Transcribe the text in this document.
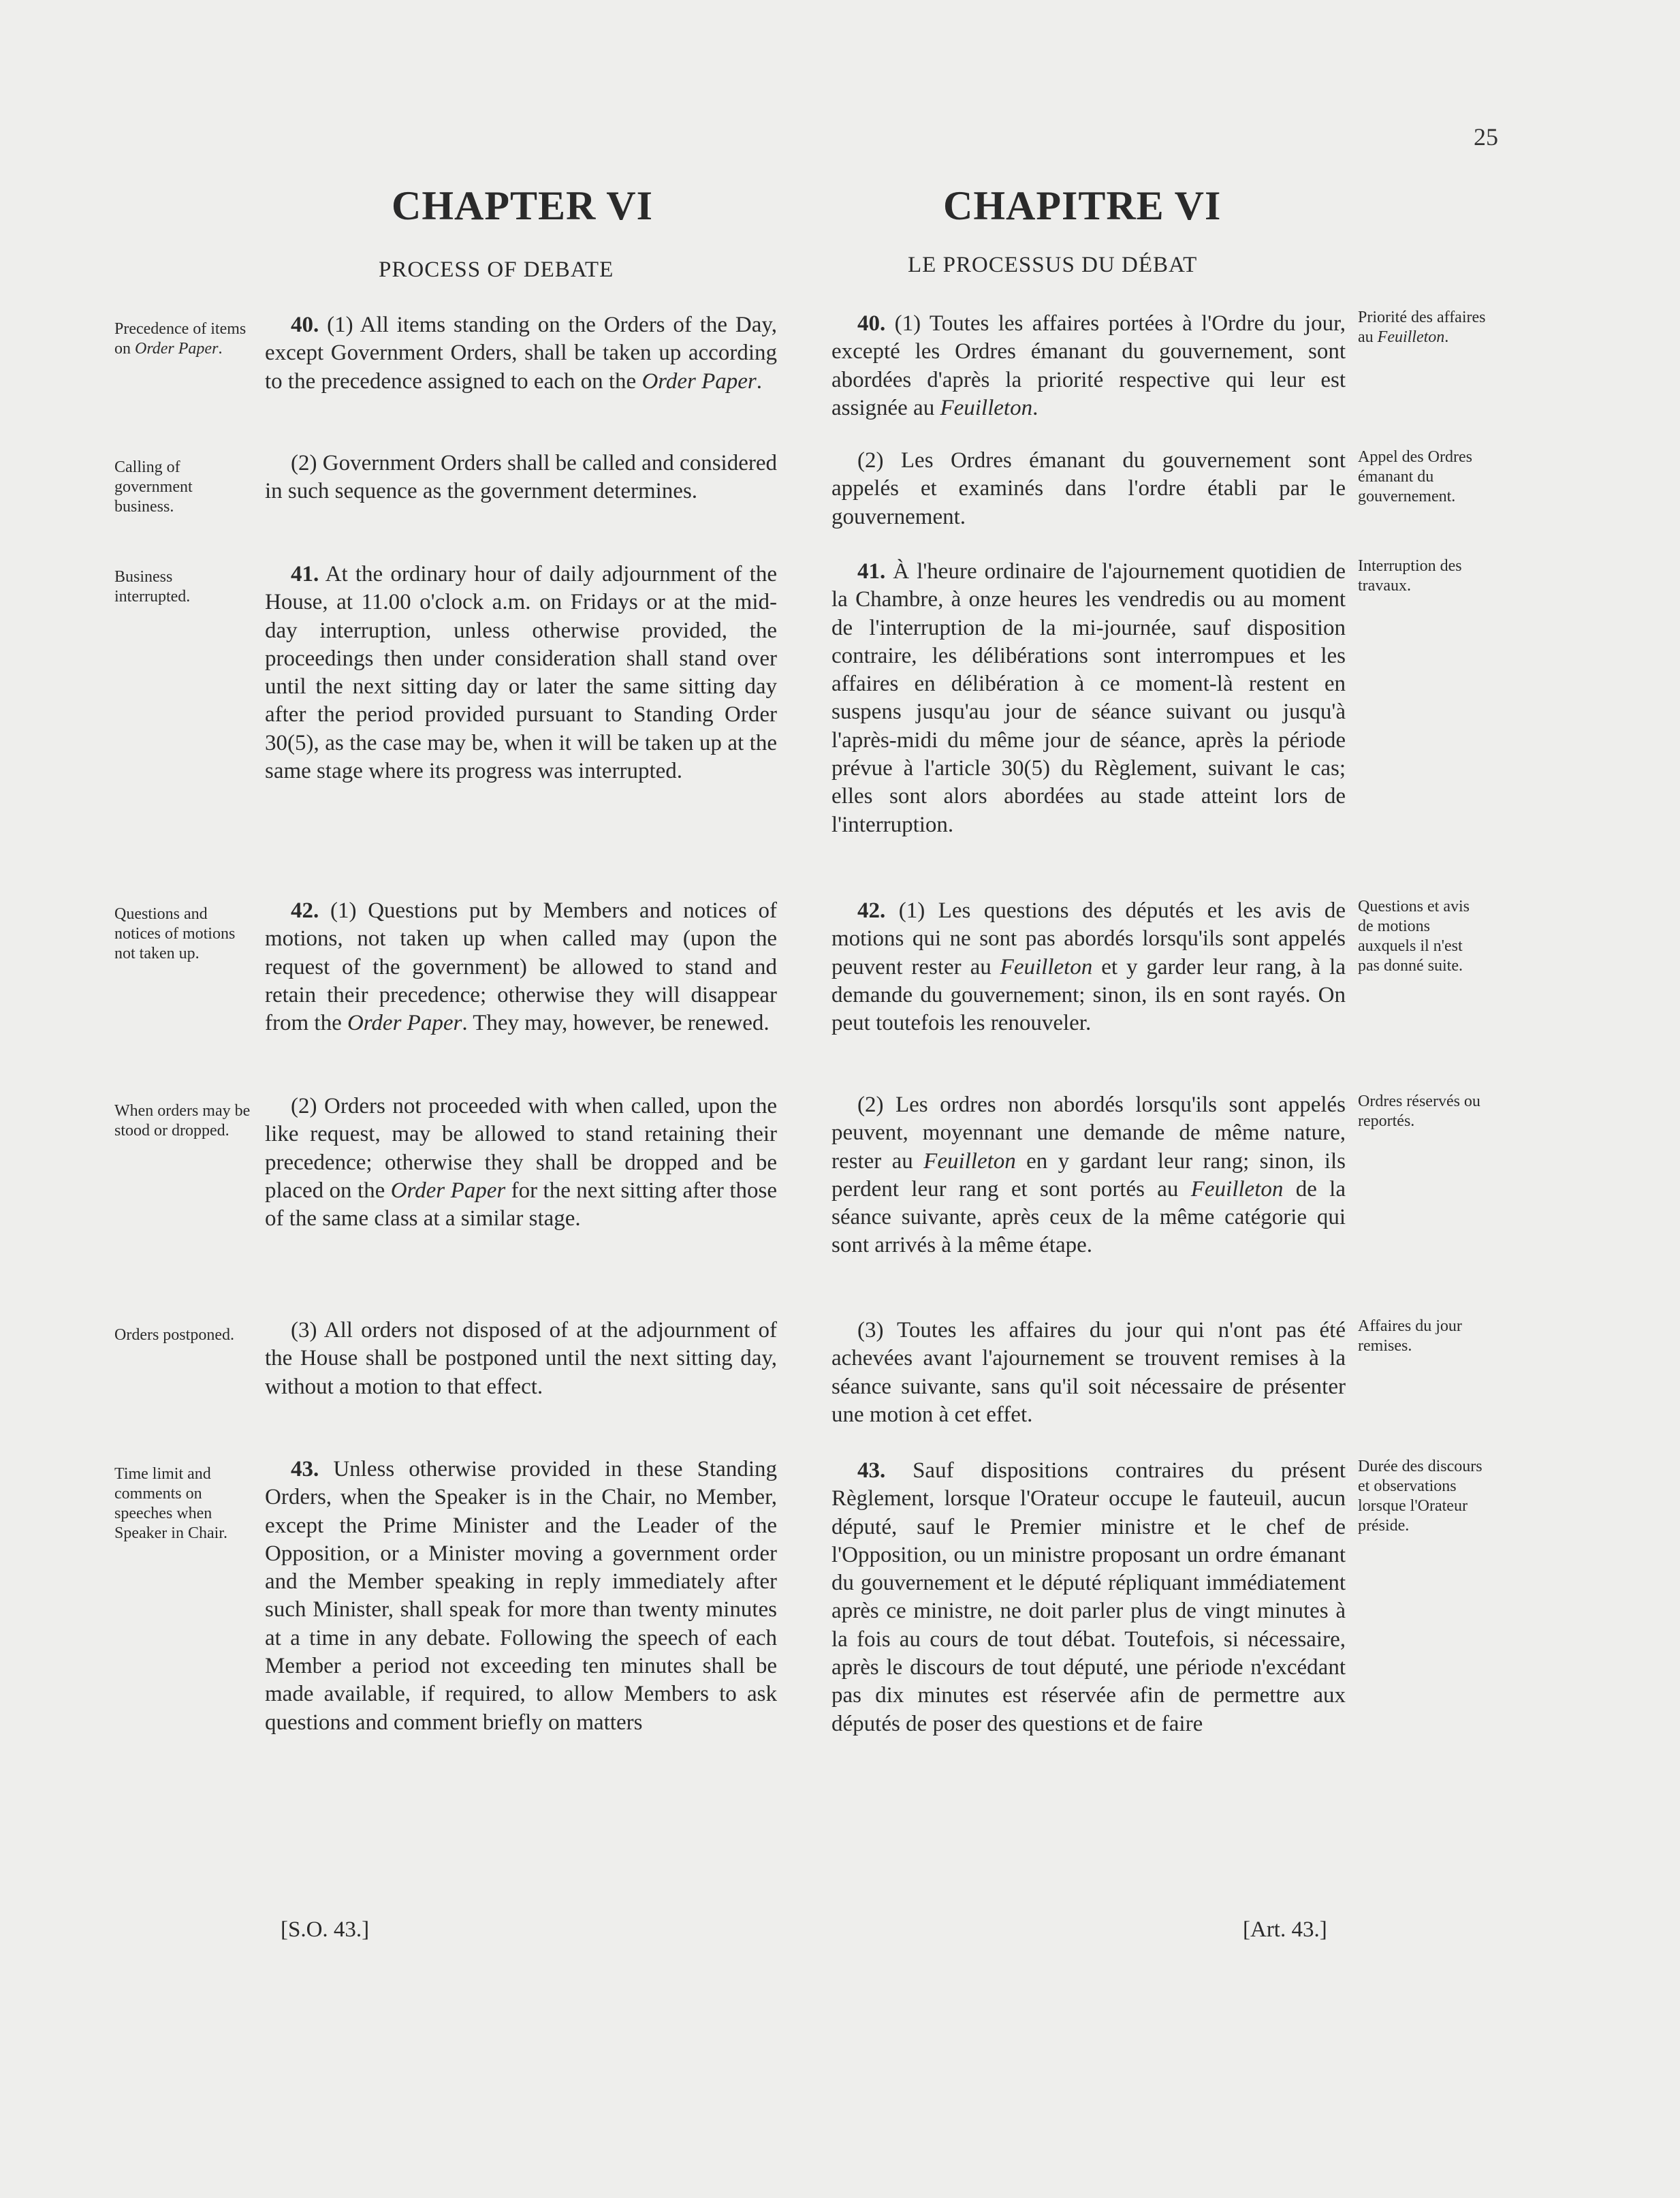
25
CHAPTER VI
PROCESS OF DEBATE
CHAPITRE VI
LE PROCESSUS DU DÉBAT

40. (1) All items standing on the Orders of the Day, except Government Orders, shall be taken up according to the precedence assigned to each on the Order Paper.

(2) Government Orders shall be called and considered in such sequence as the government determines.

41. At the ordinary hour of daily adjournment of the House, at 11.00 o'clock a.m. on Fridays or at the mid-day interruption, unless otherwise provided, the proceedings then under consideration shall stand over until the next sitting day or later the same sitting day after the period provided pursuant to Standing Order 30(5), as the case may be, when it will be taken up at the same stage where its progress was interrupted.

42. (1) Questions put by Members and notices of motions, not taken up when called may (upon the request of the government) be allowed to stand and retain their precedence; otherwise they will disappear from the Order Paper. They may, however, be renewed.

(2) Orders not proceeded with when called, upon the like request, may be allowed to stand retaining their precedence; otherwise they shall be dropped and be placed on the Order Paper for the next sitting after those of the same class at a similar stage.

(3) All orders not disposed of at the adjournment of the House shall be postponed until the next sitting day, without a motion to that effect.

43. Unless otherwise provided in these Standing Orders, when the Speaker is in the Chair, no Member, except the Prime Minister and the Leader of the Opposition, or a Minister moving a government order and the Member speaking in reply immediately after such Minister, shall speak for more than twenty minutes at a time in any debate. Following the speech of each Member a period not exceeding ten minutes shall be made available, if required, to allow Members to ask questions and comment briefly on matters

Precedence of items on Order Paper.

Calling of government business.

Business interrupted.

Questions and notices of motions not taken up.

When orders may be stood or dropped.

Orders postponed.

Time limit and comments on speeches when Speaker in Chair.

40. (1) Toutes les affaires portées à l'Ordre du jour, excepté les Ordres émanant du gouvernement, sont abordées d'après la priorité respective qui leur est assignée au Feuilleton.

(2) Les Ordres émanant du gouvernement sont appelés et examinés dans l'ordre établi par le gouvernement.

41. À l'heure ordinaire de l'ajournement quotidien de la Chambre, à onze heures les vendredis ou au moment de l'interruption de la mi-journée, sauf disposition contraire, les délibérations sont interrompues et les affaires en délibération à ce moment-là restent en suspens jusqu'au jour de séance suivant ou jusqu'à l'après-midi du même jour de séance, après la période prévue à l'article 30(5) du Règlement, suivant le cas; elles sont alors abordées au stade atteint lors de l'interruption.

42. (1) Les questions des députés et les avis de motions qui ne sont pas abordés lorsqu'ils sont appelés peuvent rester au Feuilleton et y garder leur rang, à la demande du gouvernement; sinon, ils en sont rayés. On peut toutefois les renouveler.

(2) Les ordres non abordés lorsqu'ils sont appelés peuvent, moyennant une demande de même nature, rester au Feuilleton en y gardant leur rang; sinon, ils perdent leur rang et sont portés au Feuilleton de la séance suivante, après ceux de la même catégorie qui sont arrivés à la même étape.

(3) Toutes les affaires du jour qui n'ont pas été achevées avant l'ajournement se trouvent remises à la séance suivante, sans qu'il soit nécessaire de présenter une motion à cet effet.

43. Sauf dispositions contraires du présent Règlement, lorsque l'Orateur occupe le fauteuil, aucun député, sauf le Premier ministre et le chef de l'Opposition, ou un ministre proposant un ordre émanant du gouvernement et le député répliquant immédiatement après ce ministre, ne doit parler plus de vingt minutes à la fois au cours de tout débat. Toutefois, si nécessaire, après le discours de tout député, une période n'excédant pas dix minutes est réservée afin de permettre aux députés de poser des questions et de faire

Priorité des affaires au Feuilleton.

Appel des Ordres émanant du gouvernement.

Interruption des travaux.

Questions et avis de motions auxquels il n'est pas donné suite.

Ordres réservés ou reportés.

Affaires du jour remises.

Durée des discours et observations lorsque l'Orateur préside.

[S.O. 43.]	[Art. 43.]
